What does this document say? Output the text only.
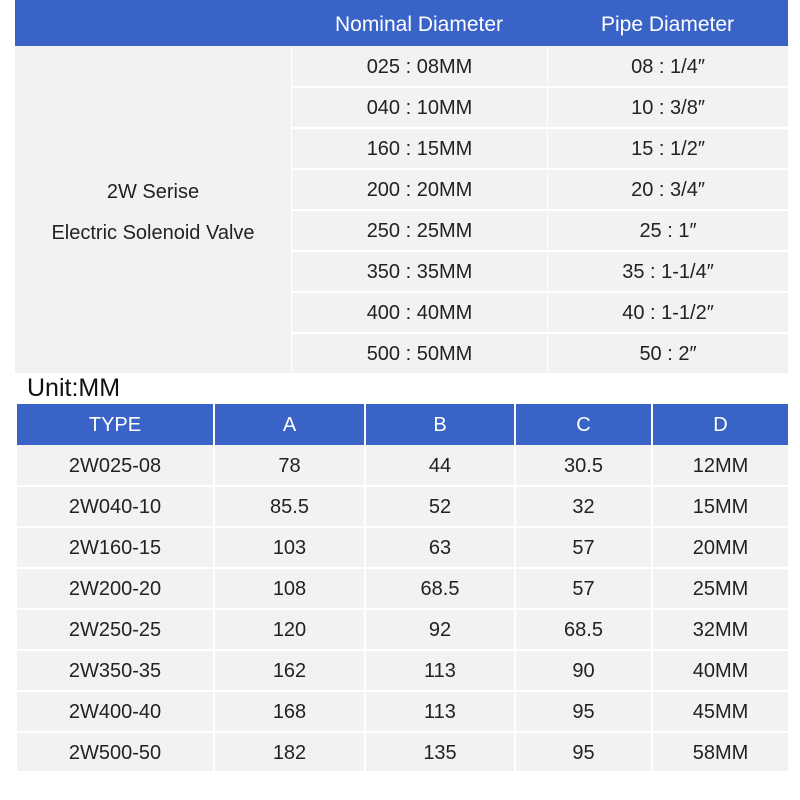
Nominal Diameter	Pipe Diameter
2W Serise
Electric Solenoid Valve
025 : 08MM	08 : 1/4″
040 : 10MM	10 : 3/8″
160 : 15MM	15 : 1/2″
200 : 20MM	20 : 3/4″
250 : 25MM	25 : 1″
350 : 35MM	35 : 1-1/4″
400 : 40MM	40 : 1-1/2″
500 : 50MM	50 : 2″
Unit:MM
TYPE	A	B	C	D
2W025-08	78	44	30.5	12MM
2W040-10	85.5	52	32	15MM
2W160-15	103	63	57	20MM
2W200-20	108	68.5	57	25MM
2W250-25	120	92	68.5	32MM
2W350-35	162	113	90	40MM
2W400-40	168	113	95	45MM
2W500-50	182	135	95	58MM
